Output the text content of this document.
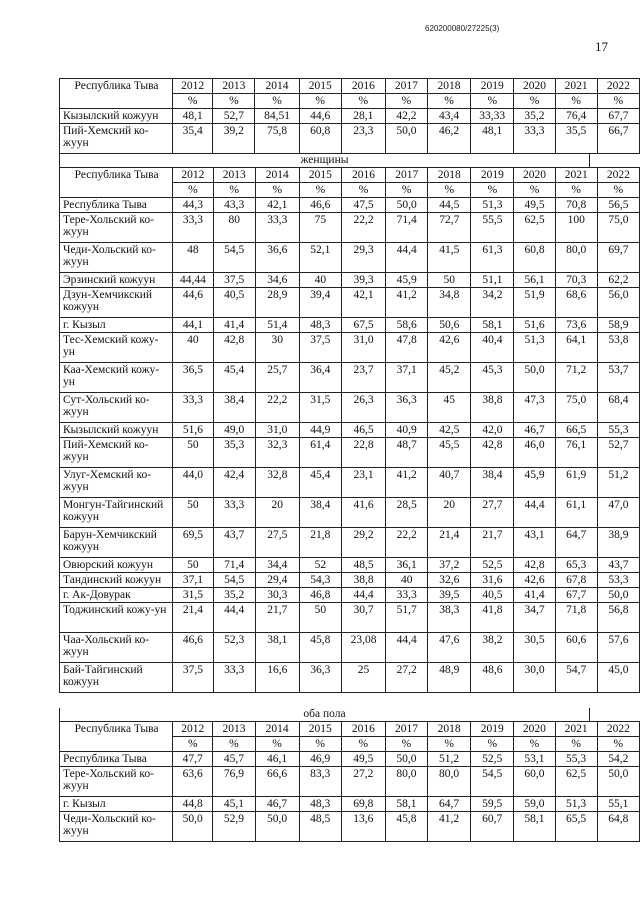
620200080/27225(3)
17
Республика Тыва	2012	2013	2014	2015	2016	2017	2018	2019	2020	2021	2022
	%	%	%	%	%	%	%	%	%	%	%
Кызылский кожуун	48,1	52,7	84,51	44,6	28,1	42,2	43,4	33,33	35,2	76,4	67,7
Пий-Хемский ко-жуун	35,4	39,2	75,8	60,8	23,3	50,0	46,2	48,1	33,3	35,5	66,7
женщины
Республика Тыва	2012	2013	2014	2015	2016	2017	2018	2019	2020	2021	2022
	%	%	%	%	%	%	%	%	%	%	%
Республика Тыва	44,3	43,3	42,1	46,6	47,5	50,0	44,5	51,3	49,5	70,8	56,5
Тере-Хольский ко-жуун	33,3	80	33,3	75	22,2	71,4	72,7	55,5	62,5	100	75,0
Чеди-Хольский ко-жуун	48	54,5	36,6	52,1	29,3	44,4	41,5	61,3	60,8	80,0	69,7
Эрзинский кожуун	44,44	37,5	34,6	40	39,3	45,9	50	51,1	56,1	70,3	62,2
Дзун-Хемчикский кожуун	44,6	40,5	28,9	39,4	42,1	41,2	34,8	34,2	51,9	68,6	56,0
г. Кызыл	44,1	41,4	51,4	48,3	67,5	58,6	50,6	58,1	51,6	73,6	58,9
Тес-Хемский кожу-ун	40	42,8	30	37,5	31,0	47,8	42,6	40,4	51,3	64,1	53,8
Каа-Хемский кожу-ун	36,5	45,4	25,7	36,4	23,7	37,1	45,2	45,3	50,0	71,2	53,7
Сут-Хольский ко-жуун	33,3	38,4	22,2	31,5	26,3	36,3	45	38,8	47,3	75,0	68,4
Кызылский кожуун	51,6	49,0	31,0	44,9	46,5	40,9	42,5	42,0	46,7	66,5	55,3
Пий-Хемский ко-жуун	50	35,3	32,3	61,4	22,8	48,7	45,5	42,8	46,0	76,1	52,7
Улуг-Хемский ко-жуун	44,0	42,4	32,8	45,4	23,1	41,2	40,7	38,4	45,9	61,9	51,2
Монгун-Тайгинский кожуун	50	33,3	20	38,4	41,6	28,5	20	27,7	44,4	61,1	47,0
Барун-Хемчикский кожуун	69,5	43,7	27,5	21,8	29,2	22,2	21,4	21,7	43,1	64,7	38,9
Овюрский кожуун	50	71,4	34,4	52	48,5	36,1	37,2	52,5	42,8	65,3	43,7
Тандинский кожуун	37,1	54,5	29,4	54,3	38,8	40	32,6	31,6	42,6	67,8	53,3
г. Ак-Довурак	31,5	35,2	30,3	46,8	44,4	33,3	39,5	40,5	41,4	67,7	50,0
Тоджинский кожу-ун	21,4	44,4	21,7	50	30,7	51,7	38,3	41,8	34,7	71,8	56,8
Чаа-Хольский ко-жуун	46,6	52,3	38,1	45,8	23,08	44,4	47,6	38,2	30,5	60,6	57,6
Бай-Тайгинский кожуун	37,5	33,3	16,6	36,3	25	27,2	48,9	48,6	30,0	54,7	45,0
оба пола
Республика Тыва	2012	2013	2014	2015	2016	2017	2018	2019	2020	2021	2022
	%	%	%	%	%	%	%	%	%	%	%
Республика Тыва	47,7	45,7	46,1	46,9	49,5	50,0	51,2	52,5	53,1	55,3	54,2
Тере-Хольский ко-жуун	63,6	76,9	66,6	83,3	27,2	80,0	80,0	54,5	60,0	62,5	50,0
г. Кызыл	44,8	45,1	46,7	48,3	69,8	58,1	64,7	59,5	59,0	51,3	55,1
Чеди-Хольский ко-жуун	50,0	52,9	50,0	48,5	13,6	45,8	41,2	60,7	58,1	65,5	64,8
